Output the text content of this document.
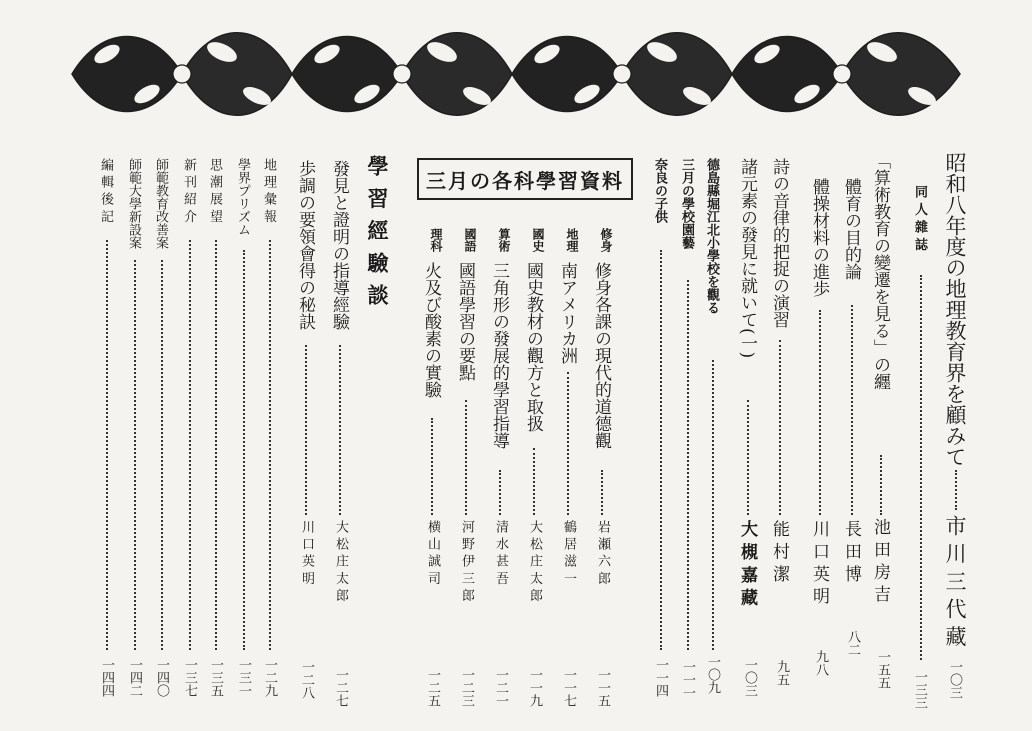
昭和八年度の地理教育界を顧みて
市 川 三 代 藏
一〇三
同 人 雜 誌
一三三
「算術教育の變遷を見る」の纒
池 田 房 吉
一五五
體育の目的論
長 田 博
八二
體操材料の進歩
川 口 英 明
九八
詩の音律的把捉の演習
能 村 潔
九五
諸元素の發見に就いて(一)
大 槻 嘉 藏
一〇三
德島縣堀江北小學校を觀る
一〇九
三月の學校園藝
一一一
奈良の子供
一一四
三月の各科學習資料
修身
修身各課の現代的道德觀
岩 瀬 六 郎
一一五
地理
南アメリカ洲
鶴 居 滋 一
一一七
國史
國史教材の觀方と取扱
大 松 庄 太 郎
一一九
算術
三角形の發展的學習指導
清 水 甚 吾
一二一
國語
國語學習の要點
河 野 伊 三 郎
一二三
理科
火及び酸素の實驗
横 山 誠 司
一二五
學 習 經 驗 談
發見と證明の指導經驗
大 松 庄 太 郎
一二七
歩調の要領會得の秘訣
川 口 英 明
一二八
地 理 彙 報
一二九
學界プリズム
一三一
思 潮 展 望
一三五
新 刊 紹 介
一三七
師範教育改善案
一四〇
師範大學新設案
一四二
編 輯 後 記
一四四
